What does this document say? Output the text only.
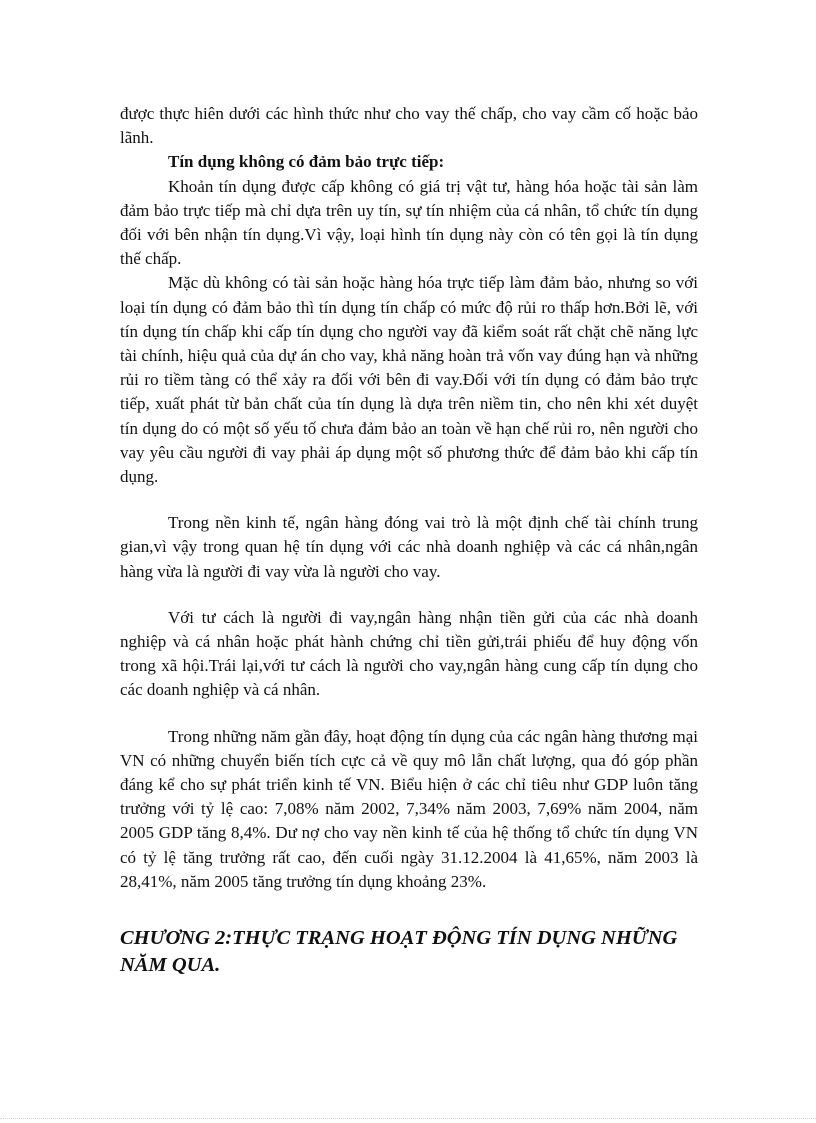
được thực hiên dưới các hình thức như cho vay thế chấp, cho vay cầm cố hoặc bảo lãnh.

Tín dụng không có đảm bảo trực tiếp:

Khoản tín dụng được cấp không có giá trị vật tư, hàng hóa hoặc tài sản làm đảm bảo trực tiếp mà chỉ dựa trên uy tín, sự tín nhiệm của cá nhân, tổ chức tín dụng đối với bên nhận tín dụng.Vì vậy, loại hình tín dụng này còn có tên gọi là tín dụng thế chấp.

Mặc dù không có tài sản hoặc hàng hóa trực tiếp làm đảm bảo, nhưng so với loại tín dụng có đảm bảo thì tín dụng tín chấp có mức độ rủi ro thấp hơn.Bởi lẽ, với tín dụng tín chấp khi cấp tín dụng cho người vay đã kiểm soát rất chặt chẽ năng lực tài chính, hiệu quả của dự án cho vay, khả năng hoàn trả vốn vay đúng hạn và những rủi ro tiềm tàng có thể xảy ra đối với bên đi vay.Đối với tín dụng có đảm bảo trực tiếp, xuất phát từ bản chất của tín dụng là dựa trên niềm tin, cho nên khi xét duyệt tín dụng do có một số yếu tố chưa đảm bảo an toàn về hạn chế rủi ro, nên người cho vay yêu cầu người đi vay phải áp dụng một số phương thức để đảm bảo khi cấp tín dụng.

Trong nền kinh tế, ngân hàng đóng vai trò là một định chế tài chính trung gian,vì vậy trong quan hệ tín dụng với các nhà doanh nghiệp và các cá nhân,ngân hàng vừa là người đi vay vừa là người cho vay.

Với tư cách là người đi vay,ngân hàng nhận tiền gửi của các nhà doanh nghiệp và cá nhân hoặc phát hành chứng chỉ tiền gửi,trái phiếu để huy động vốn trong xã hội.Trái lại,với tư cách là người cho vay,ngân hàng cung cấp tín dụng cho các doanh nghiệp và cá nhân.

Trong những năm gần đây, hoạt động tín dụng của các ngân hàng thương mại VN có những chuyển biến tích cực cả về quy mô lẫn chất lượng, qua đó góp phần đáng kể cho sự phát triển kinh tế VN. Biểu hiện ở các chỉ tiêu như GDP luôn tăng trưởng với tỷ lệ cao: 7,08% năm 2002, 7,34% năm 2003, 7,69% năm 2004, năm 2005 GDP tăng 8,4%. Dư nợ cho vay nền kinh tế của hệ thống tổ chức tín dụng VN có tỷ lệ tăng trưởng rất cao, đến cuối ngày 31.12.2004 là 41,65%, năm 2003 là 28,41%, năm 2005 tăng trưởng tín dụng khoảng 23%.

CHƯƠNG 2:THỰC TRẠNG HOẠT ĐỘNG TÍN DỤNG NHỮNG NĂM QUA.
